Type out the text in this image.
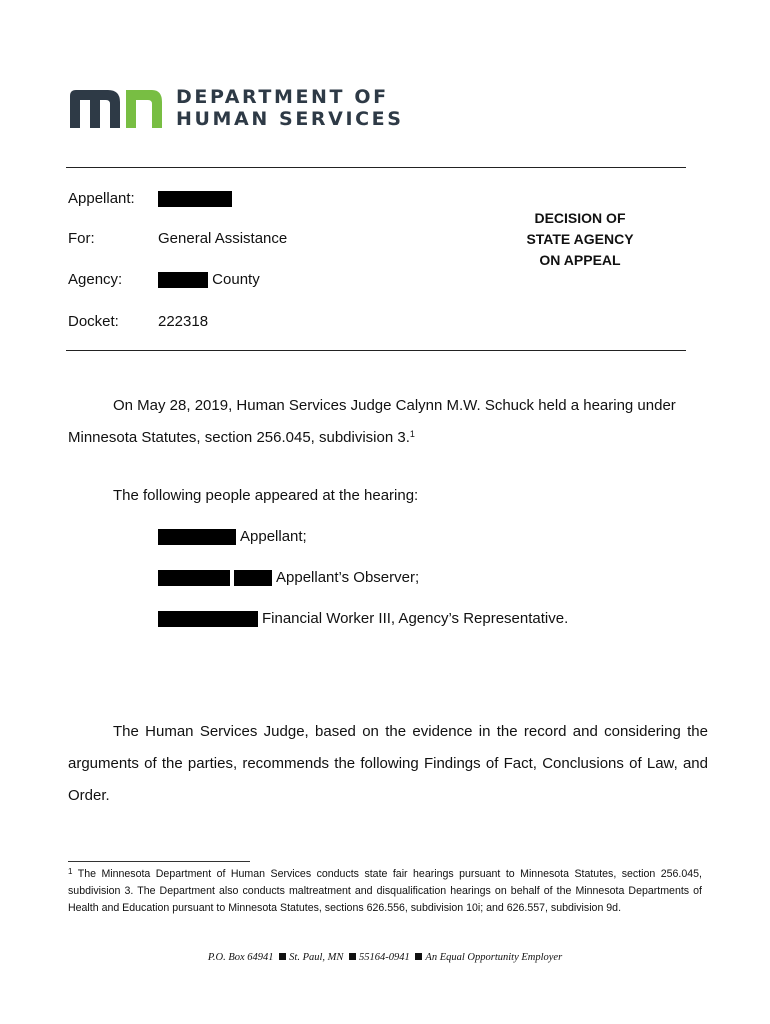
DEPARTMENT OF
HUMAN SERVICES
Appellant:
For:	General Assistance
Agency:	County
Docket:	222318
DECISION OF
STATE AGENCY
ON APPEAL
On May 28, 2019, Human Services Judge Calynn M.W. Schuck held a hearing under
Minnesota Statutes, section 256.045, subdivision 3.$^1$
The following people appeared at the hearing:
Appellant;
Appellant’s Observer;
Financial Worker III, Agency’s Representative.
The Human Services Judge, based on the evidence in the record and considering the arguments of the parties, recommends the following Findings of Fact, Conclusions of Law, and Order.
$^1$ The Minnesota Department of Human Services conducts state fair hearings pursuant to Minnesota Statutes, section 256.045, subdivision 3. The Department also conducts maltreatment and disqualification hearings on behalf of the Minnesota Departments of Health and Education pursuant to Minnesota Statutes, sections 626.556, subdivision 10i; and 626.557, subdivision 9d.
P.O. Box 64941 St. Paul, MN 55164-0941 An Equal Opportunity Employer
